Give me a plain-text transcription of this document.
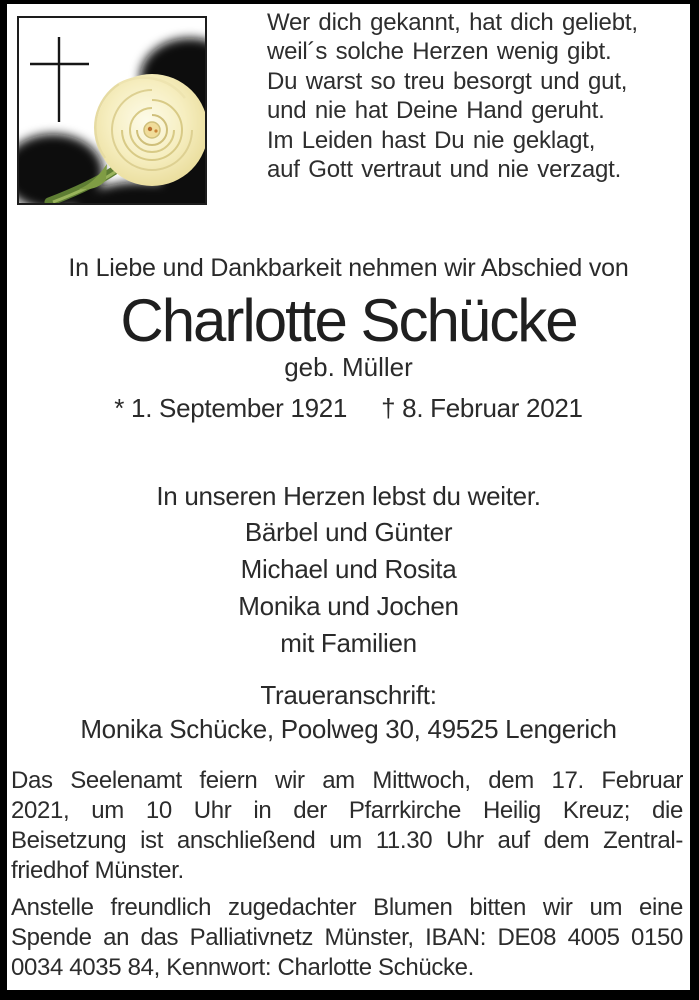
Wer dich gekannt, hat dich geliebt,
weil´s solche Herzen wenig gibt.
Du warst so treu besorgt und gut,
und nie hat Deine Hand geruht.
Im Leiden hast Du nie geklagt,
auf Gott vertraut und nie verzagt.
In Liebe und Dankbarkeit nehmen wir Abschied von
Charlotte Schücke
geb. Müller
* 1. September 1921 † 8. Februar 2021
In unseren Herzen lebst du weiter.
Bärbel und Günter
Michael und Rosita
Monika und Jochen
mit Familien
Traueranschrift:
Monika Schücke, Poolweg 30, 49525 Lengerich
Das Seelenamt feiern wir am Mittwoch, dem 17. Februar
2021, um 10 Uhr in der Pfarrkirche Heilig Kreuz; die
Beisetzung ist anschließend um 11.30 Uhr auf dem Zentral-
friedhof Münster.
Anstelle freundlich zugedachter Blumen bitten wir um eine
Spende an das Palliativnetz Münster, IBAN: DE08 4005 0150
0034 4035 84, Kennwort: Charlotte Schücke.
